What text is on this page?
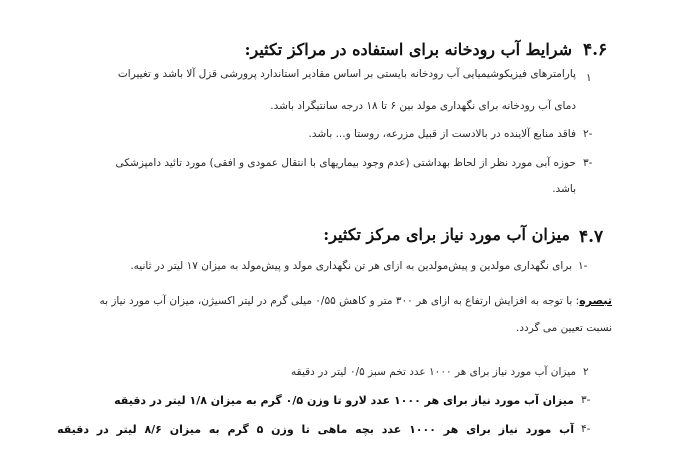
۴.۶
شرایط آب رودخانه برای استفاده در مراکز تکثیر:
۱
پارامترهای فیزیکوشیمیایی آب رودخانه بایستی بر اساس مقادیر استاندارد پرورشی قزل آلا باشد و تغییرات
دمای آب رودخانه برای نگهداری مولد بین ۶ تا ۱۸ درجه سانتیگراد باشد.
۲-
فاقد منابع آلاینده در بالادست از قبیل مزرعه، روستا و... باشد.
۳-
حوزه آبی مورد نظر از لحاظ بهداشتی (عدم وجود بیماریهای با انتقال عمودی و افقی) مورد تائید دامپزشکی
باشد.
۴.۷
میزان آب مورد نیاز برای مرکز تکثیر:
۱-
برای نگهداری مولدین و پیش‌مولدین به ازای هر تن نگهداری مولد و پیش‌مولد به میزان ۱۷ لیتر در ثانیه.
تبصره: با توجه به افزایش ارتفاع به ازای هر ۳۰۰ متر و کاهش ۰/۵۵ میلی گرم در لیتر اکسیژن، میزان آب مورد نیاز به
نسبت تعیین می گردد.
۲
میزان آب مورد نیاز برای هر ۱۰۰۰ عدد تخم سبز ۰/۵ لیتر در دقیقه
۳-
میزان آب مورد نیاز برای هر ۱۰۰۰ عدد لارو تا وزن ۰/۵ گرم به میزان ۱/۸ لیتر در دقیقه
۴-
آب مورد نیاز برای هر ۱۰۰۰ عدد بچه ماهی تا وزن ۵ گرم به میزان ۸/۶ لیتر در دقیقه
